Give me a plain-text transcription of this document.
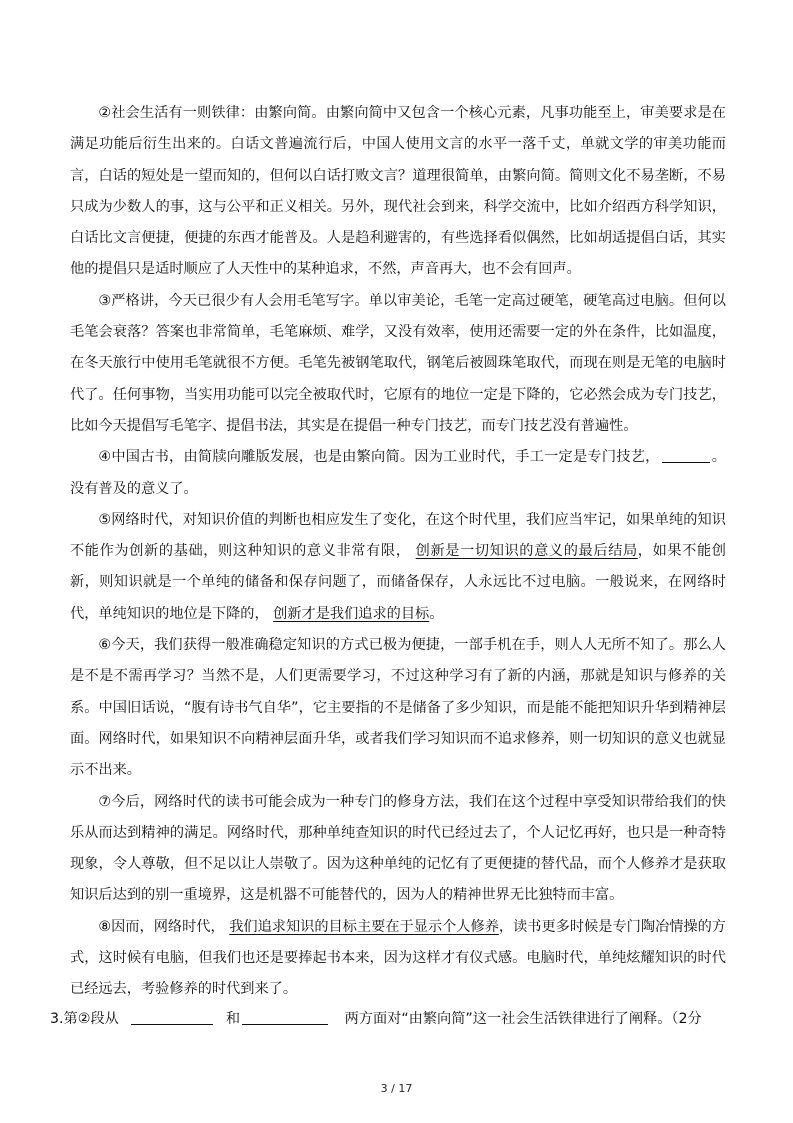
②社会生活有一则铁律：由繁向简。由繁向简中又包含一个核心元素，凡事功能至上，审美要求是在满足功能后衍生出来的。白话文普遍流行后，中国人使用文言的水平一落千丈，单就文学的审美功能而言，白话的短处是一望而知的，但何以白话打败文言？道理很简单，由繁向简。简则文化不易垄断，不易只成为少数人的事，这与公平和正义相关。另外，现代社会到来，科学交流中，比如介绍西方科学知识，白话比文言便捷，便捷的东西才能普及。人是趋利避害的，有些选择看似偶然，比如胡适提倡白话，其实他的提倡只是适时顺应了人天性中的某种追求，不然，声音再大，也不会有回声。

③严格讲，今天已很少有人会用毛笔写字。单以审美论，毛笔一定高过硬笔，硬笔高过电脑。但何以毛笔会衰落？答案也非常简单，毛笔麻烦、难学，又没有效率，使用还需要一定的外在条件，比如温度，在冬天旅行中使用毛笔就很不方便。毛笔先被钢笔取代，钢笔后被圆珠笔取代，而现在则是无笔的电脑时代了。任何事物，当实用功能可以完全被取代时，它原有的地位一定是下降的，它必然会成为专门技艺，比如今天提倡写毛笔字、提倡书法，其实是在提倡一种专门技艺，而专门技艺没有普遍性。

④中国古书，由简牍向雕版发展，也是由繁向简。因为工业时代，手工一定是专门技艺，	。没有普及的意义了。

⑤网络时代，对知识价值的判断也相应发生了变化，在这个时代里，我们应当牢记，如果单纯的知识不能作为创新的基础，则这种知识的意义非常有限， 创新是一切知识的意义的最后结局，如果不能创新，则知识就是一个单纯的储备和保存问题了，而储备保存，人永远比不过电脑。一般说来，在网络时代，单纯知识的地位是下降的， 创新才是我们追求的目标。

⑥今天，我们获得一般准确稳定知识的方式已极为便捷，一部手机在手，则人人无所不知了。那么人是不是不需再学习？当然不是，人们更需要学习，不过这种学习有了新的内涵，那就是知识与修养的关系。中国旧话说，“腹有诗书气自华”，它主要指的不是储备了多少知识，而是能不能把知识升华到精神层面。网络时代，如果知识不向精神层面升华，或者我们学习知识而不追求修养，则一切知识的意义也就显示不出来。

⑦今后，网络时代的读书可能会成为一种专门的修身方法，我们在这个过程中享受知识带给我们的快乐从而达到精神的满足。网络时代，那种单纯查知识的时代已经过去了，个人记忆再好，也只是一种奇特现象，令人尊敬，但不足以让人崇敬了。因为这种单纯的记忆有了更便捷的替代品，而个人修养才是获取知识后达到的别一重境界，这是机器不可能替代的，因为人的精神世界无比独特而丰富。

⑧因而，网络时代， 我们追求知识的目标主要在于显示个人修养，读书更多时候是专门陶冶情操的方式，这时候有电脑，但我们也还是要捧起书本来，因为这样才有仪式感。电脑时代，单纯炫耀知识的时代已经远去，考验修养的时代到来了。

3.第②段从	和	两方面对“由繁向简”这一社会生活铁律进行了阐释。（2分
3 / 17
